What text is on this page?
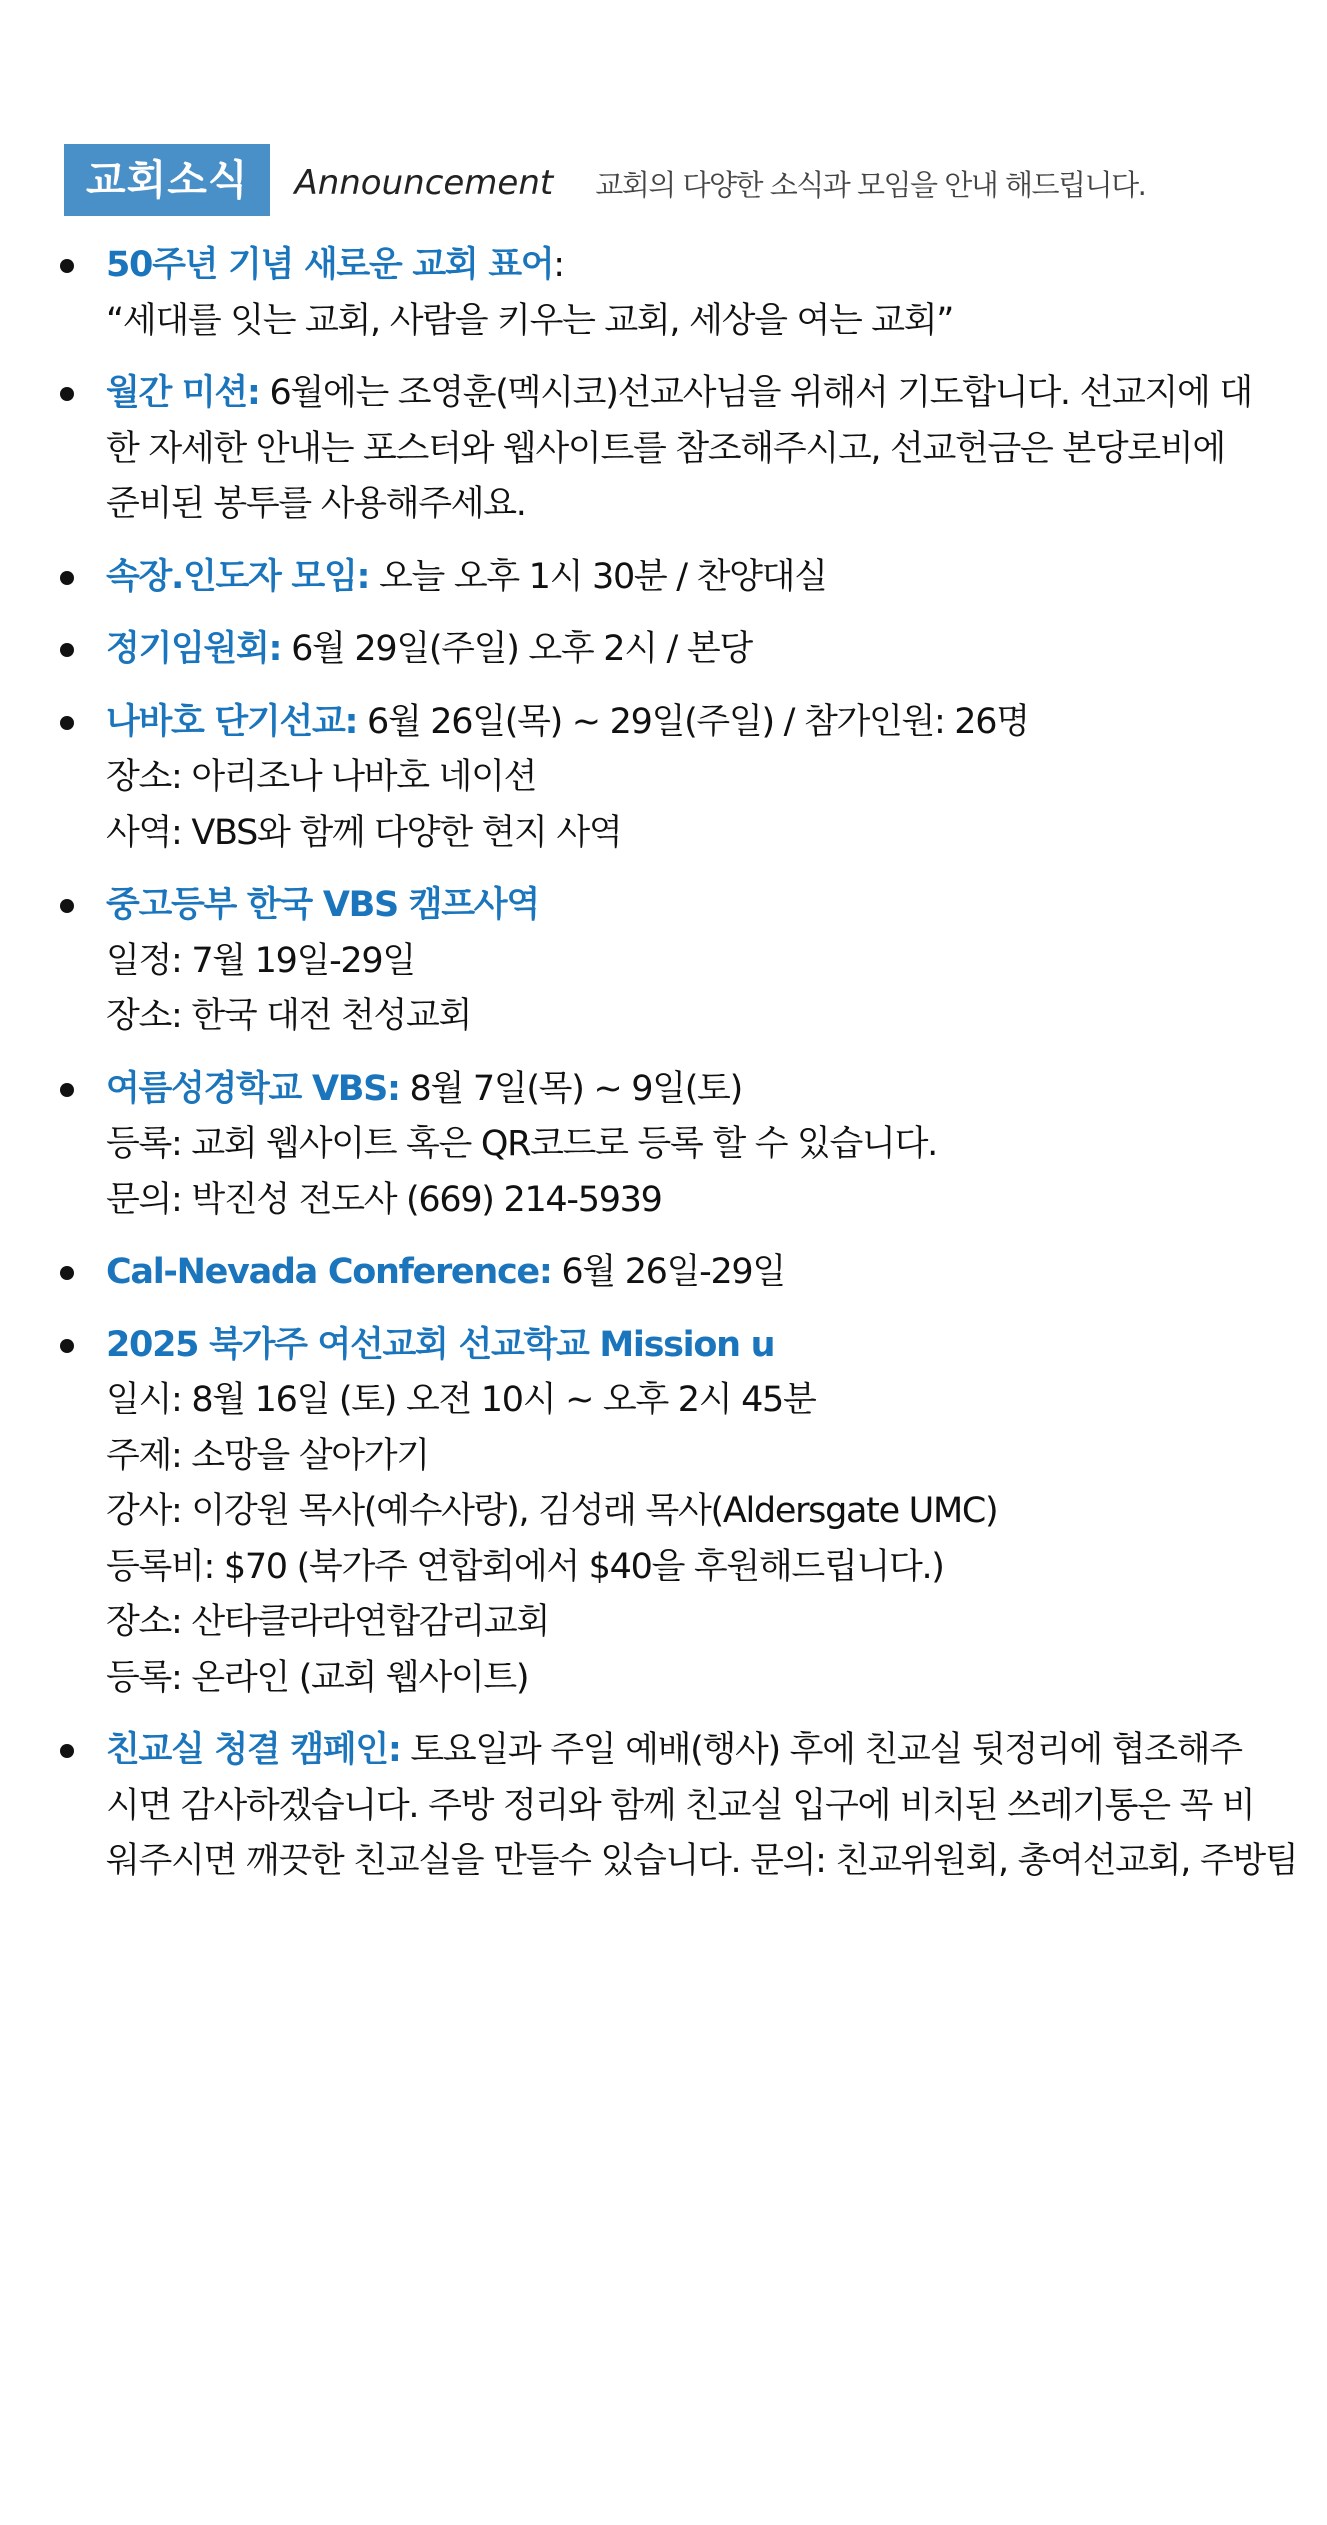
교회소식	Announcement 교회의 다양한 소식과 모임을 안내 해드립니다.
50주년 기념 새로운 교회 표어:
“세대를 잇는 교회, 사람을 키우는 교회, 세상을 여는 교회”
월간 미션: 6월에는 조영훈(멕시코)선교사님을 위해서 기도합니다. 선교지에 대
한 자세한 안내는 포스터와 웹사이트를 참조해주시고, 선교헌금은 본당로비에
준비된 봉투를 사용해주세요.
속장.인도자 모임: 오늘 오후 1시 30분 / 찬양대실
정기임원회: 6월 29일(주일) 오후 2시 / 본당
나바호 단기선교: 6월 26일(목) ~ 29일(주일) / 참가인원: 26명
장소: 아리조나 나바호 네이션
사역: VBS와 함께 다양한 현지 사역
중고등부 한국 VBS 캠프사역
일정: 7월 19일-29일
장소: 한국 대전 천성교회
여름성경학교 VBS: 8월 7일(목) ~ 9일(토)
등록: 교회 웹사이트 혹은 QR코드로 등록 할 수 있습니다.
문의: 박진성 전도사 (669) 214-5939
Cal-Nevada Conference: 6월 26일-29일
2025 북가주 여선교회 선교학교 Mission u
일시: 8월 16일 (토) 오전 10시 ~ 오후 2시 45분
주제: 소망을 살아가기
강사: 이강원 목사(예수사랑), 김성래 목사(Aldersgate UMC)
등록비: $70 (북가주 연합회에서 $40을 후원해드립니다.)
장소: 산타클라라연합감리교회
등록: 온라인 (교회 웹사이트)
친교실 청결 캠페인: 토요일과 주일 예배(행사) 후에 친교실 뒷정리에 협조해주
시면 감사하겠습니다. 주방 정리와 함께 친교실 입구에 비치된 쓰레기통은 꼭 비
워주시면 깨끗한 친교실을 만들수 있습니다. 문의: 친교위원회, 총여선교회, 주방팀
